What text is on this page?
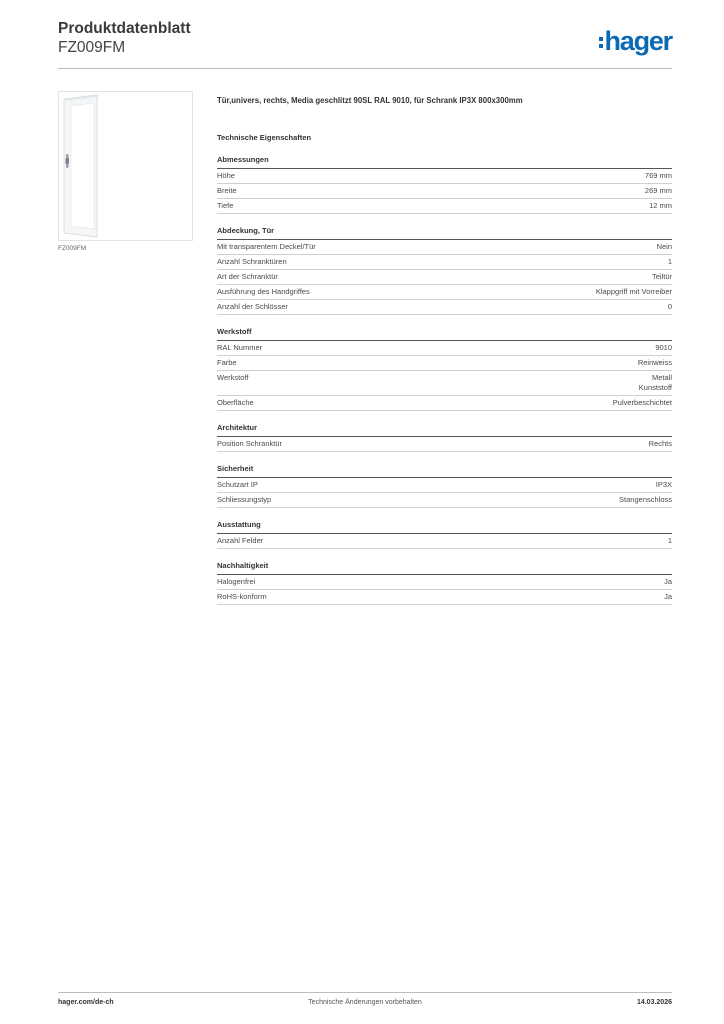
Produktdatenblatt
FZ009FM	hager
FZ009FM
Tür,univers, rechts, Media geschlitzt 90SL RAL 9010, für Schrank IP3X 800x300mm
Technische Eigenschaften
Abmessungen
Höhe	769 mm
Breite	269 mm
Tiefe	12 mm
Abdeckung, Tür
Mit transparentem Deckel/Tür	Nein
Anzahl Schranktüren	1
Art der Schranktür	Teiltür
Ausführung des Handgriffes	Klappgriff mit Vorreiber
Anzahl der Schlösser	0
Werkstoff
RAL Nummer	9010
Farbe	Reinweiss
Werkstoff	Metall
Kunststoff
Oberfläche	Pulverbeschichtet
Architektur
Position Schranktür	Rechts
Sicherheit
Schutzart IP	IP3X
Schliessungstyp	Stangenschloss
Ausstattung
Anzahl Felder	1
Nachhaltigkeit
Halogenfrei	Ja
RoHS-konform	Ja
hager.com/de-ch	Technische Änderungen vorbehalten	14.03.2026
